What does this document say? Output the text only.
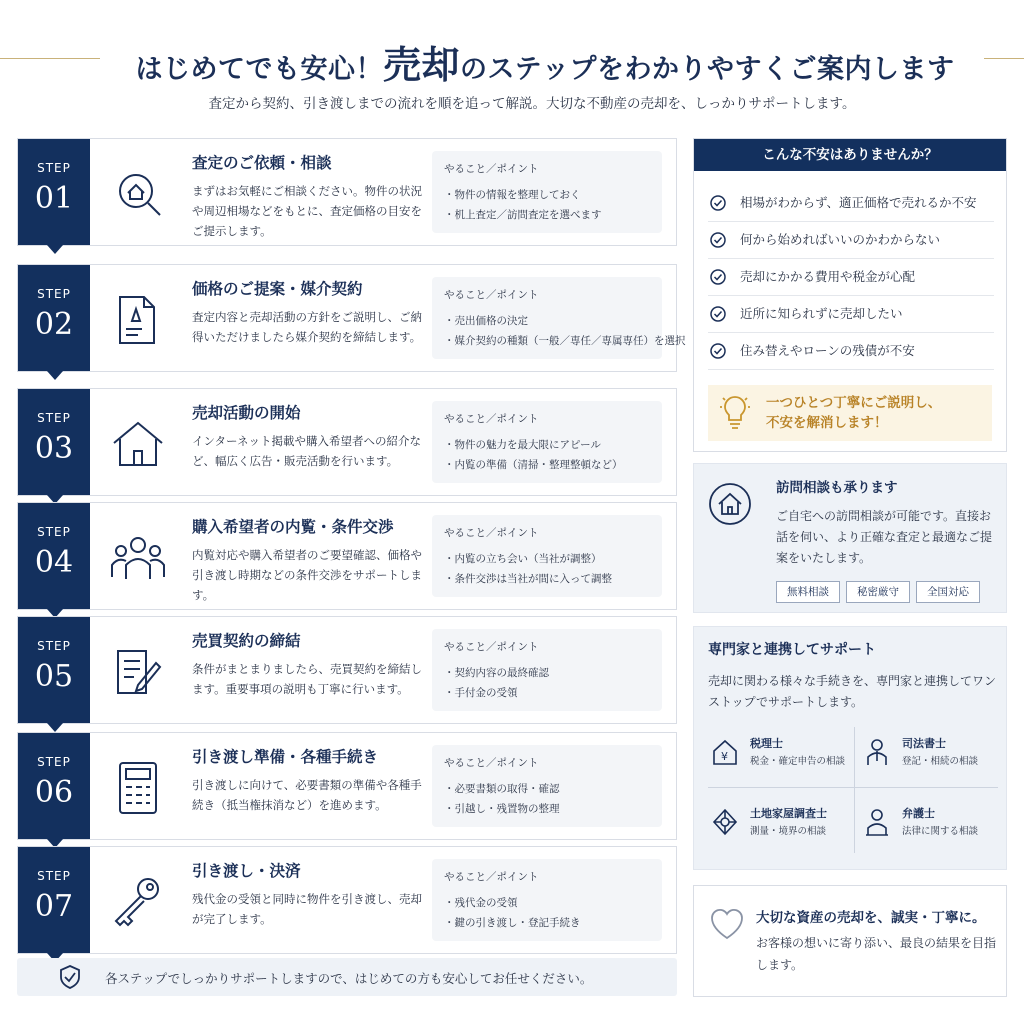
はじめてでも安心！売却のステップをわかりやすくご案内します
査定から契約、引き渡しまでの流れを順を追って解説。大切な不動産の売却を、しっかりサポートします。
STEP
01
査定のご依頼・相談
まずはお気軽にご相談ください。物件の状況や周辺相場などをもとに、査定価格の目安をご提示します。
やること／ポイント
・ 物件の情報を整理しておく
・ 机上査定／訪問査定を選べます
STEP
02
価格のご提案・媒介契約
査定内容と売却活動の方針をご説明し、ご納得いただけましたら媒介契約を締結します。
やること／ポイント
・ 売出価格の決定
・ 媒介契約の種類（一般／専任／専属専任）を選択
STEP
03
売却活動の開始
インターネット掲載や購入希望者への紹介など、幅広く広告・販売活動を行います。
やること／ポイント
・ 物件の魅力を最大限にアピール
・ 内覧の準備（清掃・整理整頓など）
STEP
04
購入希望者の内覧・条件交渉
内覧対応や購入希望者のご要望確認、価格や引き渡し時期などの条件交渉をサポートします。
やること／ポイント
・ 内覧の立ち会い（当社が調整）
・ 条件交渉は当社が間に入って調整
STEP
05
売買契約の締結
条件がまとまりましたら、売買契約を締結します。重要事項の説明も丁寧に行います。
やること／ポイント
・ 契約内容の最終確認
・ 手付金の受領
STEP
06
引き渡し準備・各種手続き
引き渡しに向けて、必要書類の準備や各種手続き（抵当権抹消など）を進めます。
やること／ポイント
・ 必要書類の取得・確認
・ 引越し・残置物の整理
STEP
07
引き渡し・決済
残代金の受領と同時に物件を引き渡し、売却が完了します。
やること／ポイント
・ 残代金の受領
・ 鍵の引き渡し・登記手続き
各ステップでしっかりサポートしますので、はじめての方も安心してお任せください。
こんな不安はありませんか？
相場がわからず、適正価格で売れるか不安
何から始めればいいのかわからない
売却にかかる費用や税金が心配
近所に知られずに売却したい
住み替えやローンの残債が不安
一つひとつ丁寧にご説明し、
不安を解消します！
訪問相談も承ります
ご自宅への訪問相談が可能です。直接お話を伺い、より正確な査定と最適なご提案をいたします。
無料相談	秘密厳守	全国対応
専門家と連携してサポート
売却に関わる様々な手続きを、専門家と連携してワンストップでサポートします。
¥
税理士
税金・確定申告の相談
司法書士
登記・相続の相談
土地家屋調査士
測量・境界の相談
弁護士
法律に関する相談
大切な資産の売却を、誠実・丁寧に。
お客様の想いに寄り添い、最良の結果を目指します。
